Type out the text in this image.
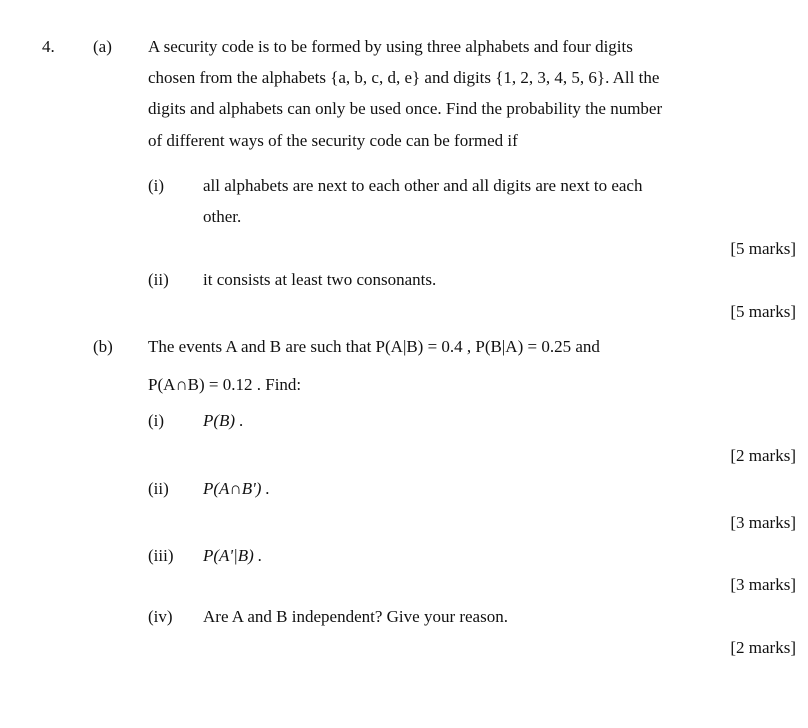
4. (a) A security code is to be formed by using three alphabets and four digits
chosen from the alphabets {a, b, c, d, e} and digits {1, 2, 3, 4, 5, 6}. All the
digits and alphabets can only be used once. Find the probability the number
of different ways of the security code can be formed if
(i) all alphabets are next to each other and all digits are next to each
other.
[5 marks]
(ii) it consists at least two consonants.
[5 marks]
(b) The events A and B are such that P(A|B) = 0.4 , P(B|A) = 0.25 and
P(A∩B) = 0.12 . Find:
(i) P(B) .
[2 marks]
(ii) P(A∩B') .
[3 marks]
(iii) P(A'|B) .
[3 marks]
(iv) Are A and B independent? Give your reason.
[2 marks]
